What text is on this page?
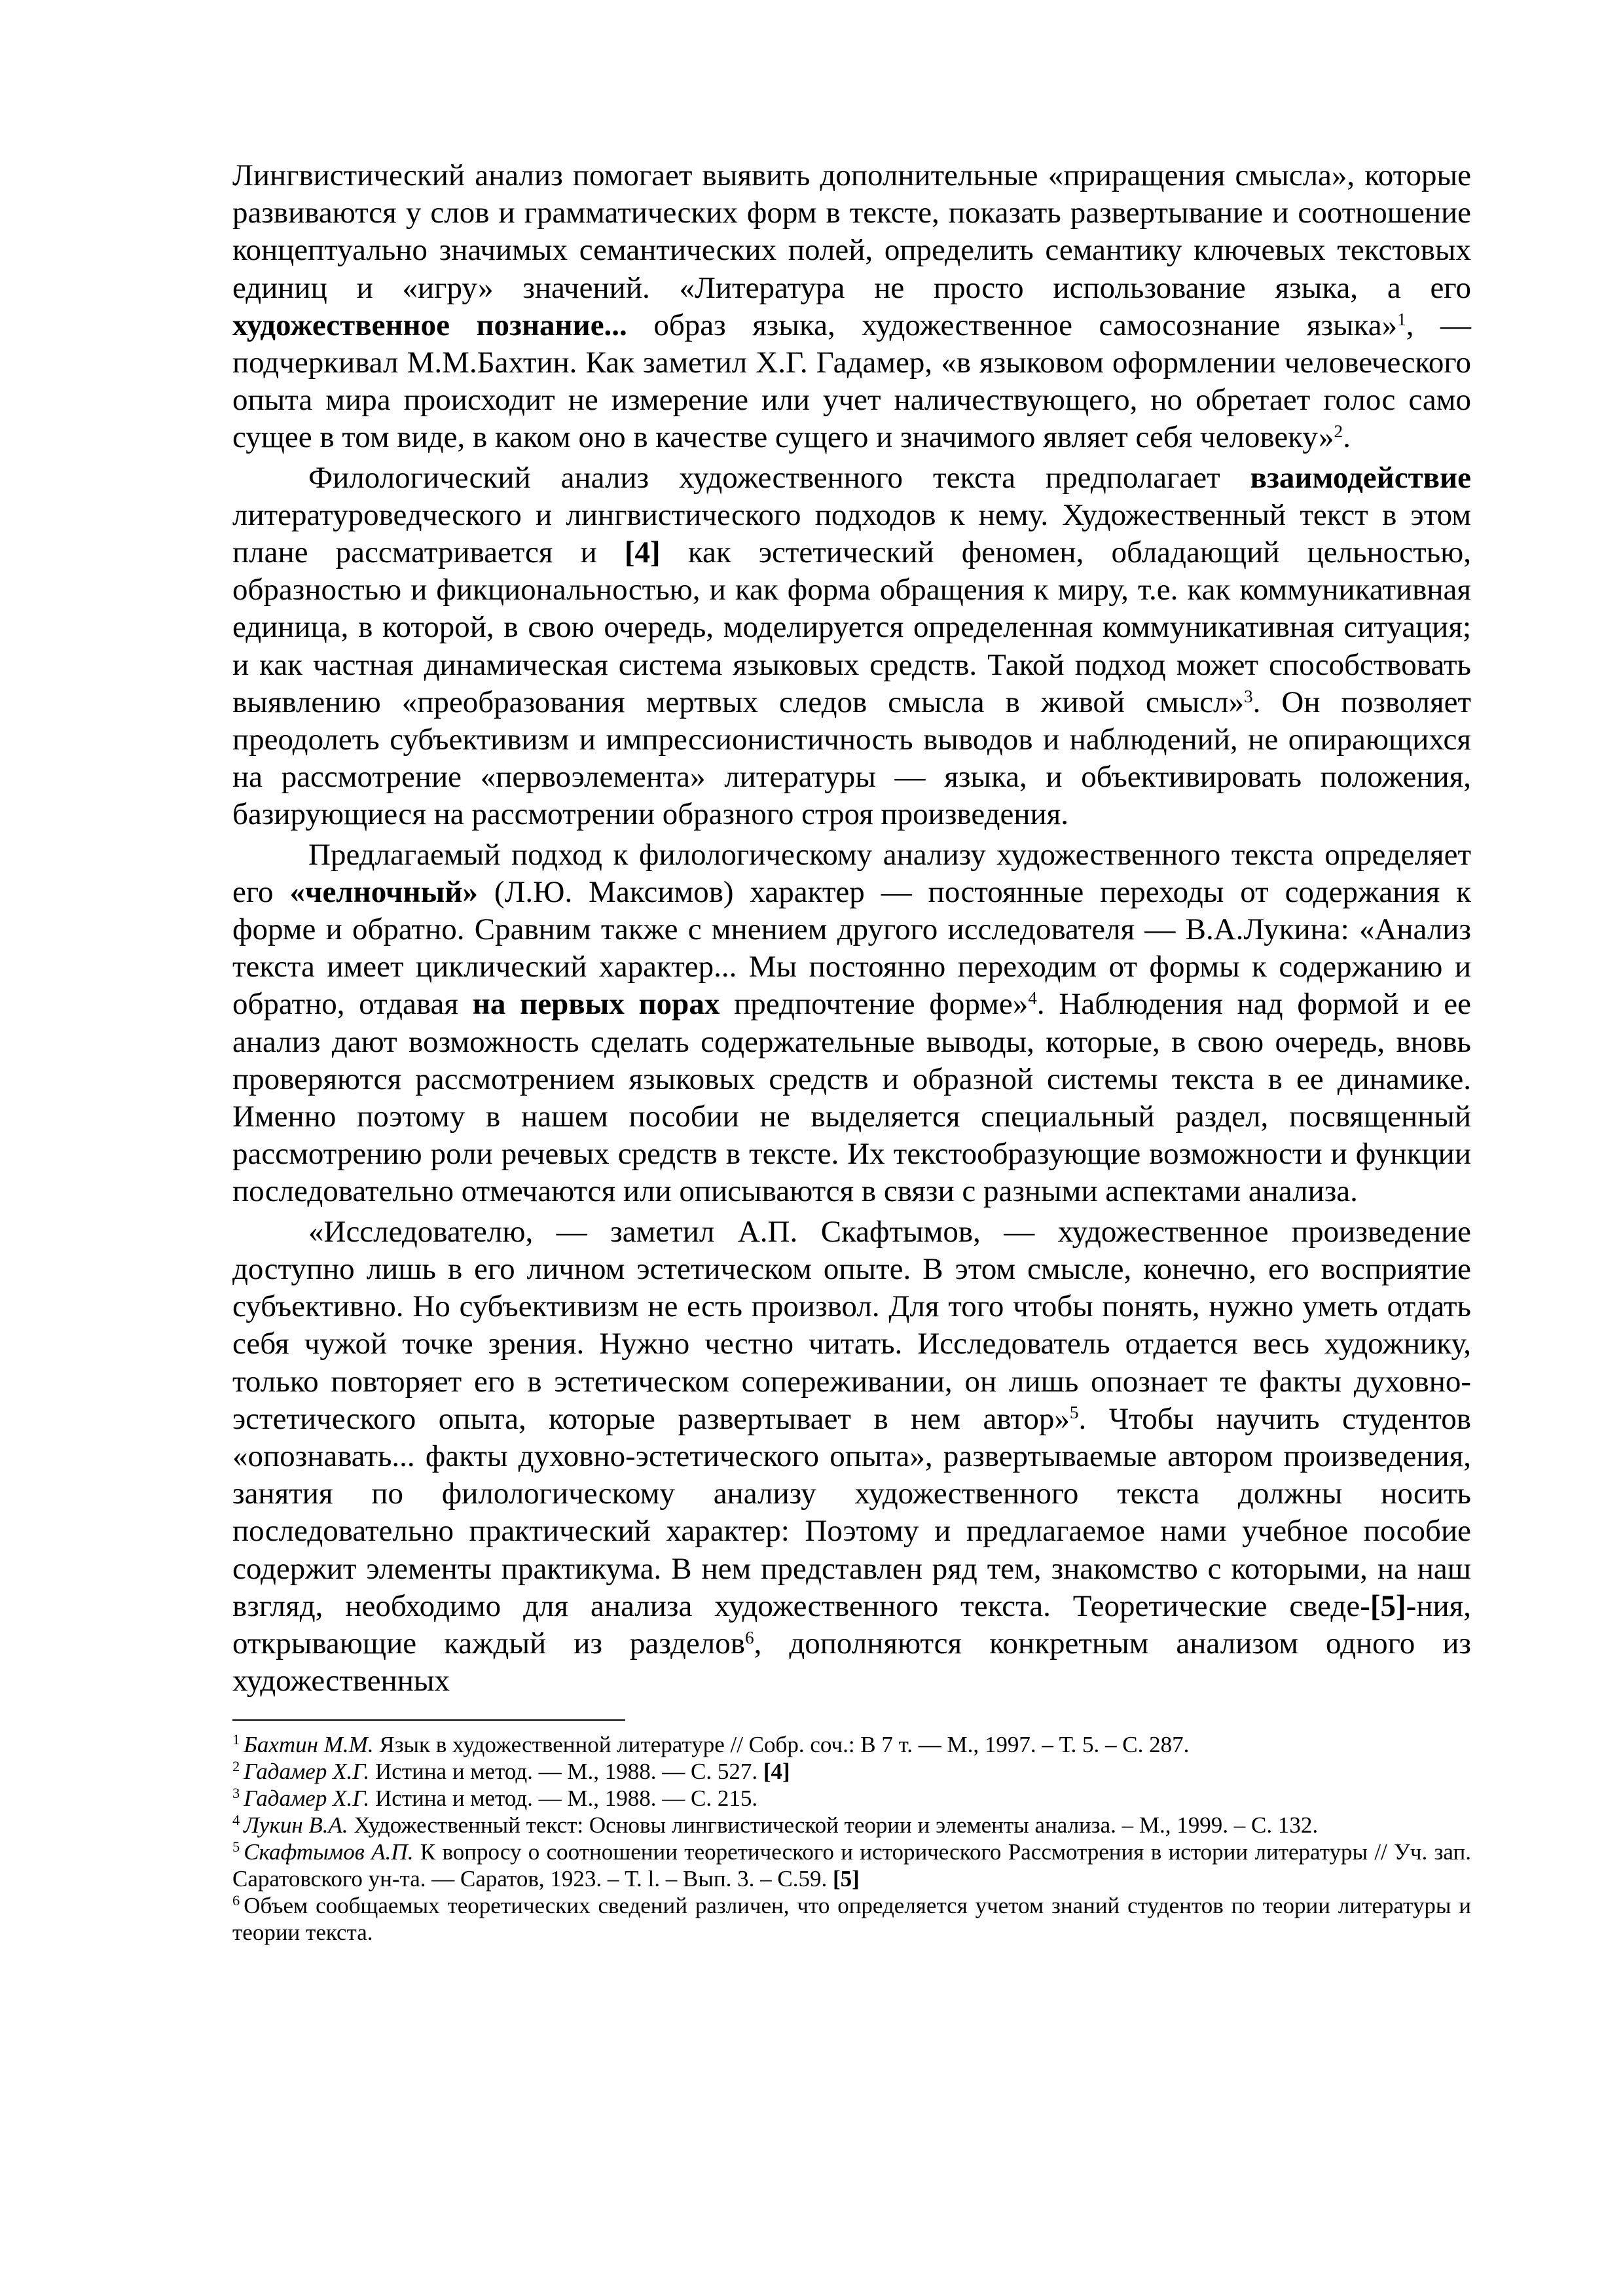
Лингвистический анализ помогает выявить дополнительные «приращения смысла», которые развиваются у слов и грамматических форм в тексте, показать развертывание и соотношение концептуально значимых семантических полей, определить семантику ключевых текстовых единиц и «игру» значений. «Литература не просто использование языка, а его художественное познание... образ языка, художественное самосознание языка»$^1$, — подчеркивал М.М.Бахтин. Как заметил Х.Г. Гадамер, «в языковом оформлении человеческого опыта мира происходит не измерение или учет наличествующего, но обретает голос само сущее в том виде, в каком оно в качестве сущего и значимого являет себя человеку»$^2$.

Филологический анализ художественного текста предполагает взаимодействие литературоведческого и лингвистического подходов к нему. Художественный текст в этом плане рассматривается и [4] как эстетический феномен, обладающий цельностью, образностью и фикциональностью, и как форма обращения к миру, т.е. как коммуникативная единица, в которой, в свою очередь, моделируется определенная коммуникативная ситуация; и как частная динамическая система языковых средств. Такой подход может способствовать выявлению «преобразования мертвых следов смысла в живой смысл»$^3$. Он позволяет преодолеть субъективизм и импрессионистичность выводов и наблюдений, не опирающихся на рассмотрение «первоэлемента» литературы — языка, и объективировать положения, базирующиеся на рассмотрении образного строя произведения.

Предлагаемый подход к филологическому анализу художественного текста определяет его «челночный» (Л.Ю. Максимов) характер — постоянные переходы от содержания к форме и обратно. Сравним также с мнением другого исследователя — В.А.Лукина: «Анализ текста имеет циклический характер... Мы постоянно переходим от формы к содержанию и обратно, отдавая на первых порах предпочтение форме»$^4$. Наблюдения над формой и ее анализ дают возможность сделать содержательные выводы, которые, в свою очередь, вновь проверяются рассмотрением языковых средств и образной системы текста в ее динамике. Именно поэтому в нашем пособии не выделяется специальный раздел, посвященный рассмотрению роли речевых средств в тексте. Их текстообразующие возможности и функции последовательно отмечаются или описываются в связи с разными аспектами анализа.

«Исследователю, — заметил А.П. Скафтымов, — художественное произведение доступно лишь в его личном эстетическом опыте. В этом смысле, конечно, его восприятие субъективно. Но субъективизм не есть произвол. Для того чтобы понять, нужно уметь отдать себя чужой точке зрения. Нужно честно читать. Исследователь отдается весь художнику, только повторяет его в эстетическом сопереживании, он лишь опознает те факты духовно-эстетического опыта, которые развертывает в нем автор»$^5$. Чтобы научить студентов «опознавать... факты духовно-эстетического опыта», развертываемые автором произведения, занятия по филологическому анализу художественного текста должны носить последовательно практический характер: Поэтому и предлагаемое нами учебное пособие содержит элементы практикума. В нем представлен ряд тем, знакомство с которыми, на наш взгляд, необходимо для анализа художественного текста. Теоретические сведе-[5]-ния, открывающие каждый из разделов$^6$, дополняются конкретным анализом одного из художественных

$^1$ Бахтин М.М. Язык в художественной литературе // Собр. соч.: В 7 т. — М., 1997. – Т. 5. – С. 287.

$^2$ Гадамер Х.Г. Истина и метод. — М., 1988. — С. 527. [4]

$^3$ Гадамер Х.Г. Истина и метод. — М., 1988. — С. 215.

$^4$ Лукин В.А. Художественный текст: Основы лингвистической теории и элементы анализа. – М., 1999. – С. 132.

$^5$ Скафтымов А.П. К вопросу о соотношении теоретического и исторического Рассмотрения в истории литературы // Уч. зап. Саратовского ун-та. — Саратов, 1923. – Т. l. – Вып. 3. – С.59. [5]

$^6$ Объем сообщаемых теоретических сведений различен, что определяется учетом знаний студентов по теории литературы и теории текста.
